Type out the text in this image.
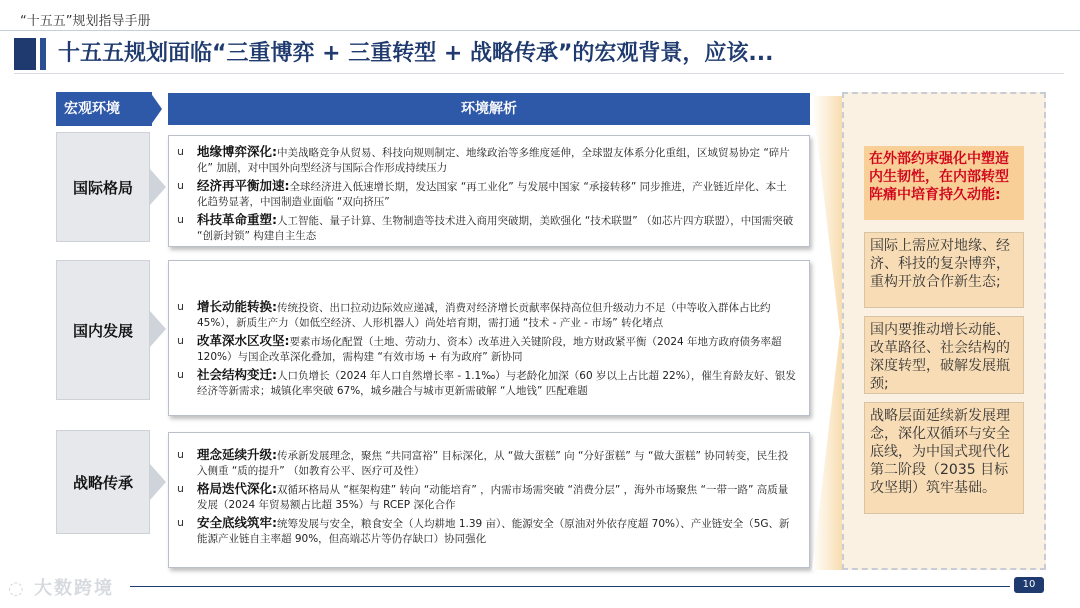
“十五五”规划指导手册
十五五规划面临“三重博弈 + 三重转型 + 战略传承”的宏观背景，应该...
宏观环境	环境解析
国际格局
u	地缘博弈深化:中美战略竞争从贸易、科技向规则制定、地缘政治等多维度延伸，全球盟友体系分化重组，区域贸易协定 “碎片化” 加剧，对中国外向型经济与国际合作形成持续压力
u	经济再平衡加速:全球经济进入低速增长期，发达国家 “再工业化” 与发展中国家 “承接转移” 同步推进，产业链近岸化、本土化趋势显著，中国制造业面临 “双向挤压”
u	科技革命重塑:人工智能、量子计算、生物制造等技术进入商用突破期，美欧强化 “技术联盟” （如芯片四方联盟），中国需突破 “创新封锁” 构建自主生态
国内发展
u	增长动能转换:传统投资、出口拉动边际效应递减，消费对经济增长贡献率保持高位但升级动力不足（中等收入群体占比约 45%），新质生产力（如低空经济、人形机器人）尚处培育期，需打通 “技术 - 产业 - 市场” 转化堵点
u	改革深水区攻坚:要素市场化配置（土地、劳动力、资本）改革进入关键阶段，地方财政紧平衡（2024 年地方政府债务率超 120%）与国企改革深化叠加，需构建 “有效市场 + 有为政府” 新协同
u	社会结构变迁:人口负增长（2024 年人口自然增长率 - 1.1‰）与老龄化加深（60 岁以上占比超 22%），催生育龄友好、银发经济等新需求；城镇化率突破 67%，城乡融合与城市更新需破解 “人地钱” 匹配难题
战略传承
u	理念延续升级:传承新发展理念，聚焦 “共同富裕” 目标深化，从 “做大蛋糕” 向 “分好蛋糕” 与 “做大蛋糕” 协同转变，民生投入侧重 “质的提升” （如教育公平、医疗可及性）
u	格局迭代深化:双循环格局从 “框架构建” 转向 “动能培育” ，内需市场需突破 “消费分层” ，海外市场聚焦 “一带一路” 高质量发展（2024 年贸易额占比超 35%）与 RCEP 深化合作
u	安全底线筑牢:统筹发展与安全，粮食安全（人均耕地 1.39 亩）、能源安全（原油对外依存度超 70%）、产业链安全（5G、新能源产业链自主率超 90%，但高端芯片等仍存缺口）协同强化
在外部约束强化中塑造内生韧性，在内部转型阵痛中培育持久动能:
国际上需应对地缘、经济、科技的复杂博弈，重构开放合作新生态;
国内要推动增长动能、改革路径、社会结构的深度转型，破解发展瓶颈;
战略层面延续新发展理念，深化双循环与安全底线，为中国式现代化第二阶段（2035 目标攻坚期）筑牢基础。
◌ 大数跨境	10
